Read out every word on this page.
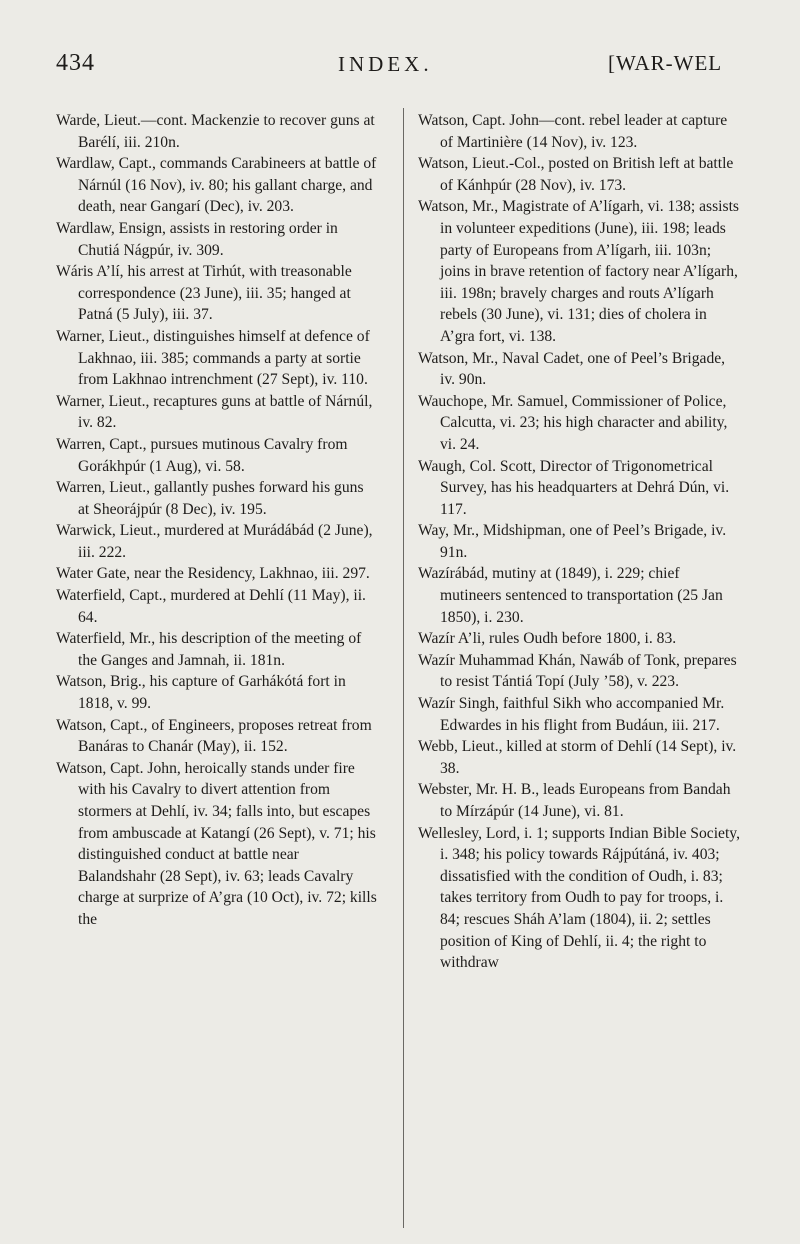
434	INDEX.	[WAR-WEL

Warde, Lieut.—cont. Mackenzie to recover guns at Barélí, iii. 210n.

Wardlaw, Capt., commands Carabineers at battle of Nárnúl (16 Nov), iv. 80; his gallant charge, and death, near Gangarí (Dec), iv. 203.

Wardlaw, Ensign, assists in restoring order in Chutiá Nágpúr, iv. 309.

Wáris A’lí, his arrest at Tirhút, with treasonable correspondence (23 June), iii. 35; hanged at Patná (5 July), iii. 37.

Warner, Lieut., distinguishes himself at defence of Lakhnao, iii. 385; commands a party at sortie from Lakhnao intrenchment (27 Sept), iv. 110.

Warner, Lieut., recaptures guns at battle of Nárnúl, iv. 82.

Warren, Capt., pursues mutinous Cavalry from Gorákhpúr (1 Aug), vi. 58.

Warren, Lieut., gallantly pushes forward his guns at Sheorájpúr (8 Dec), iv. 195.

Warwick, Lieut., murdered at Murádábád (2 June), iii. 222.

Water Gate, near the Residency, Lakhnao, iii. 297.

Waterfield, Capt., murdered at Dehlí (11 May), ii. 64.

Waterfield, Mr., his description of the meeting of the Ganges and Jamnah, ii. 181n.

Watson, Brig., his capture of Garhákótá fort in 1818, v. 99.

Watson, Capt., of Engineers, proposes retreat from Banáras to Chanár (May), ii. 152.

Watson, Capt. John, heroically stands under fire with his Cavalry to divert attention from stormers at Dehlí, iv. 34; falls into, but escapes from ambuscade at Katangí (26 Sept), v. 71; his distinguished conduct at battle near Balandshahr (28 Sept), iv. 63; leads Cavalry charge at surprize of A’gra (10 Oct), iv. 72; kills the

Watson, Capt. John—cont. rebel leader at capture of Martinière (14 Nov), iv. 123.

Watson, Lieut.-Col., posted on British left at battle of Kánhpúr (28 Nov), iv. 173.

Watson, Mr., Magistrate of A’lígarh, vi. 138; assists in volunteer expeditions (June), iii. 198; leads party of Europeans from A’lígarh, iii. 103n; joins in brave retention of factory near A’lígarh, iii. 198n; bravely charges and routs A’lígarh rebels (30 June), vi. 131; dies of cholera in A’gra fort, vi. 138.

Watson, Mr., Naval Cadet, one of Peel’s Brigade, iv. 90n.

Wauchope, Mr. Samuel, Commissioner of Police, Calcutta, vi. 23; his high character and ability, vi. 24.

Waugh, Col. Scott, Director of Trigonometrical Survey, has his headquarters at Dehrá Dún, vi. 117.

Way, Mr., Midshipman, one of Peel’s Brigade, iv. 91n.

Wazírábád, mutiny at (1849), i. 229; chief mutineers sentenced to transportation (25 Jan 1850), i. 230.

Wazír A’li, rules Oudh before 1800, i. 83.

Wazír Muhammad Khán, Nawáb of Tonk, prepares to resist Tántiá Topí (July ’58), v. 223.

Wazír Singh, faithful Sikh who accompanied Mr. Edwardes in his flight from Budáun, iii. 217.

Webb, Lieut., killed at storm of Dehlí (14 Sept), iv. 38.

Webster, Mr. H. B., leads Europeans from Bandah to Mírzápúr (14 June), vi. 81.

Wellesley, Lord, i. 1; supports Indian Bible Society, i. 348; his policy towards Rájpútáná, iv. 403; dissatisfied with the condition of Oudh, i. 83; takes territory from Oudh to pay for troops, i. 84; rescues Sháh A’lam (1804), ii. 2; settles position of King of Dehlí, ii. 4; the right to withdraw
